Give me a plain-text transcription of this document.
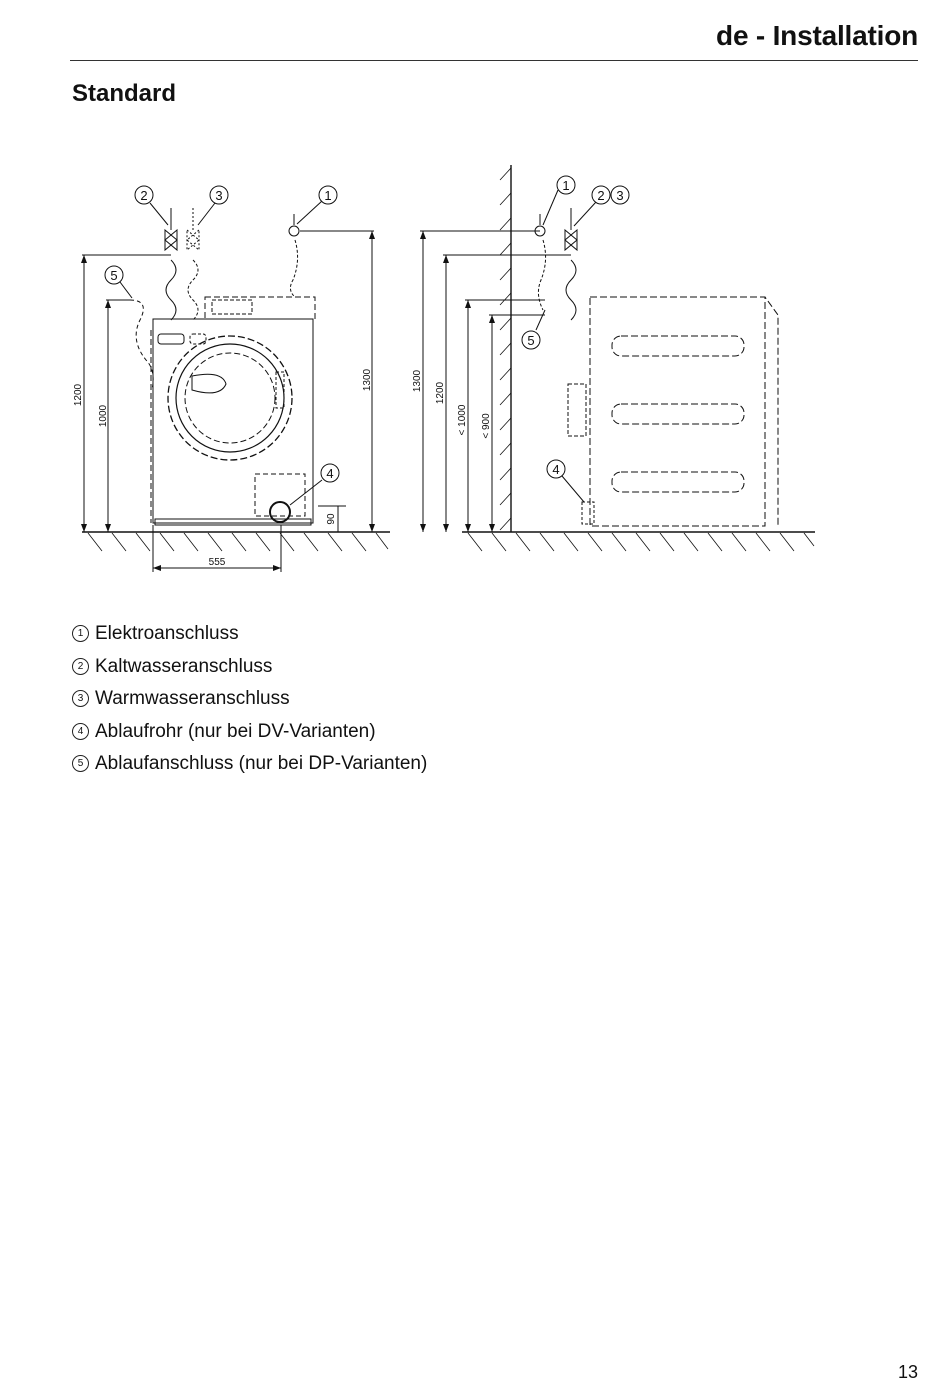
de - Installation
Standard
2	3	1
5
4
1
2 3
5
4
1200
1000
1300
90
555
1300
1200
< 1000 < 900
1 Elektroanschluss
2 Kaltwasseranschluss
3 Warmwasseranschluss
4 Ablaufrohr (nur bei DV-Varianten)
5 Ablaufanschluss (nur bei DP-Varianten)
13
